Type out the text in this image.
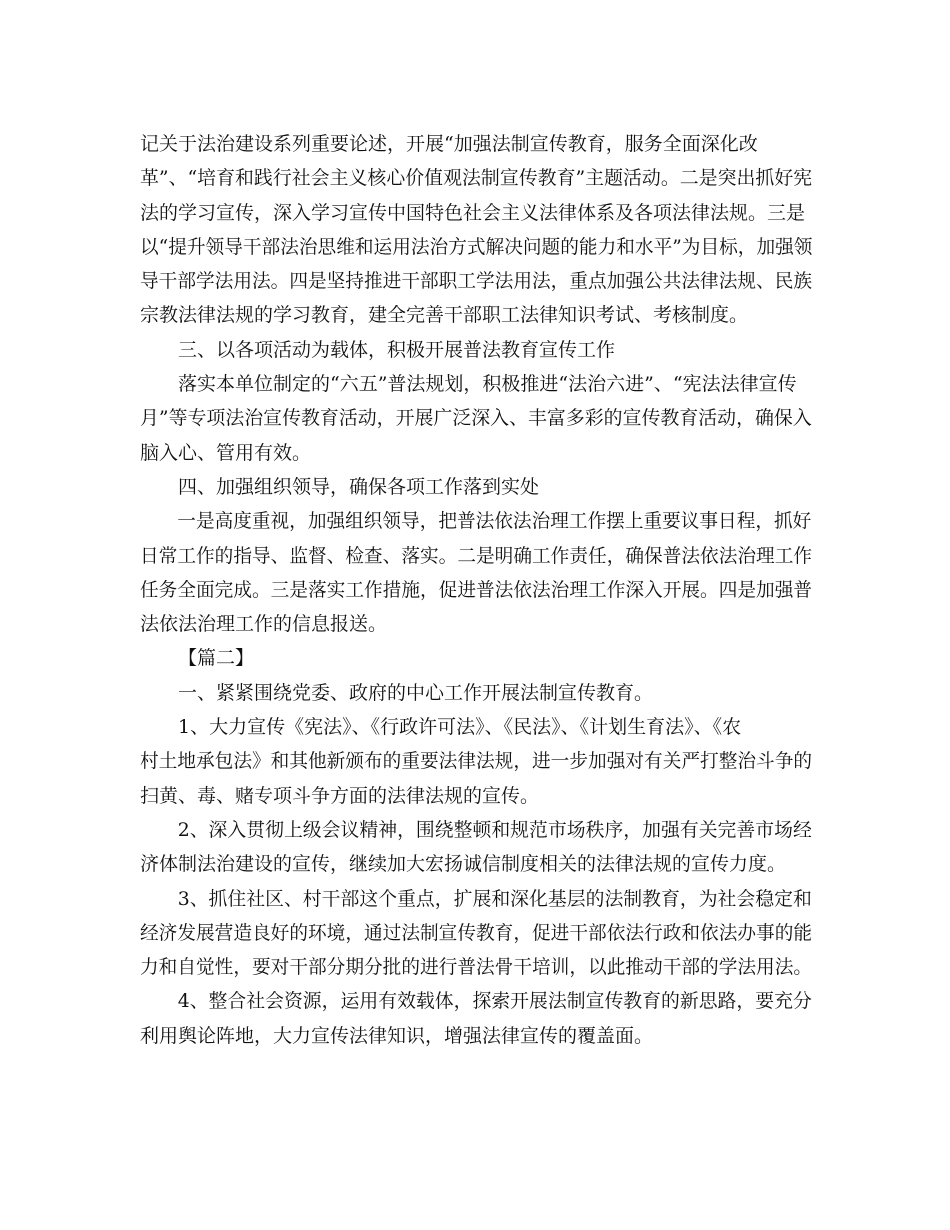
记关于法治建设系列重要论述，开展“加强法制宣传教育，服务全面深化改
革”、“培育和践行社会主义核心价值观法制宣传教育”主题活动。二是突出抓好宪
法的学习宣传，深入学习宣传中国特色社会主义法律体系及各项法律法规。三是
以“提升领导干部法治思维和运用法治方式解决问题的能力和水平”为目标，加强领
导干部学法用法。四是坚持推进干部职工学法用法，重点加强公共法律法规、民族
宗教法律法规的学习教育，建全完善干部职工法律知识考试、考核制度。
三、以各项活动为载体，积极开展普法教育宣传工作
落实本单位制定的“六五”普法规划，积极推进“法治六进”、“宪法法律宣传
月”等专项法治宣传教育活动，开展广泛深入、丰富多彩的宣传教育活动，确保入
脑入心、管用有效。
四、加强组织领导，确保各项工作落到实处
一是高度重视，加强组织领导，把普法依法治理工作摆上重要议事日程，抓好
日常工作的指导、监督、检查、落实。二是明确工作责任，确保普法依法治理工作
任务全面完成。三是落实工作措施，促进普法依法治理工作深入开展。四是加强普
法依法治理工作的信息报送。
【篇二】
一、紧紧围绕党委、政府的中心工作开展法制宣传教育。
1、大力宣传《宪法》、《行政许可法》、《民法》、《计划生育法》、《农
村土地承包法》和其他新颁布的重要法律法规，进一步加强对有关严打整治斗争的
扫黄、毒、赌专项斗争方面的法律法规的宣传。
2、深入贯彻上级会议精神，围绕整顿和规范市场秩序，加强有关完善市场经
济体制法治建设的宣传，继续加大宏扬诚信制度相关的法律法规的宣传力度。
3、抓住社区、村干部这个重点，扩展和深化基层的法制教育，为社会稳定和
经济发展营造良好的环境，通过法制宣传教育，促进干部依法行政和依法办事的能
力和自觉性，要对干部分期分批的进行普法骨干培训，以此推动干部的学法用法。
4、整合社会资源，运用有效载体，探索开展法制宣传教育的新思路，要充分
利用舆论阵地，大力宣传法律知识，增强法律宣传的覆盖面。
